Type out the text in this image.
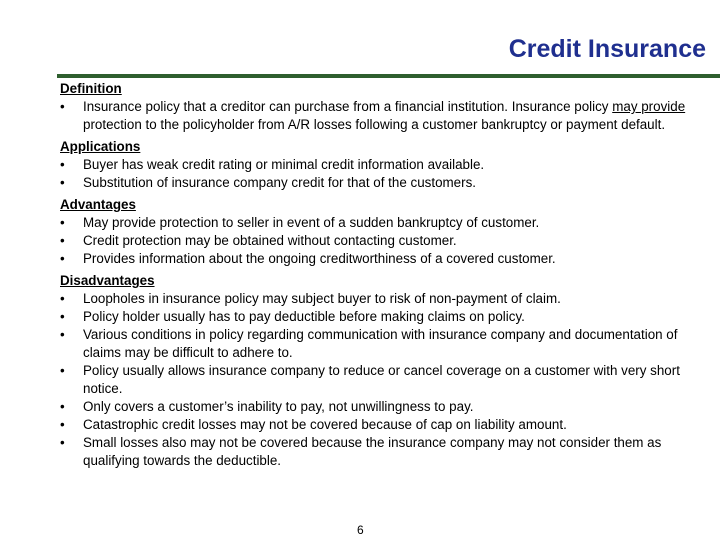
Credit Insurance

Definition

• Insurance policy that a creditor can purchase from a financial institution. Insurance policy may provide protection to the policyholder from A/R losses following a customer bankruptcy or payment default.

Applications

• Buyer has weak credit rating or minimal credit information available.
• Substitution of insurance company credit for that of the customers.

Advantages

• May provide protection to seller in event of a sudden bankruptcy of customer.
• Credit protection may be obtained without contacting customer.
• Provides information about the ongoing creditworthiness of a covered customer.

Disadvantages

• Loopholes in insurance policy may subject buyer to risk of non-payment of claim.
• Policy holder usually has to pay deductible before making claims on policy.
• Various conditions in policy regarding communication with insurance company and documentation of claims may be difficult to adhere to.
• Policy usually allows insurance company to reduce or cancel coverage on a customer with very short notice.
• Only covers a customer’s inability to pay, not unwillingness to pay.
• Catastrophic credit losses may not be covered because of cap on liability amount.
• Small losses also may not be covered because the insurance company may not consider them as qualifying towards the deductible.
6
